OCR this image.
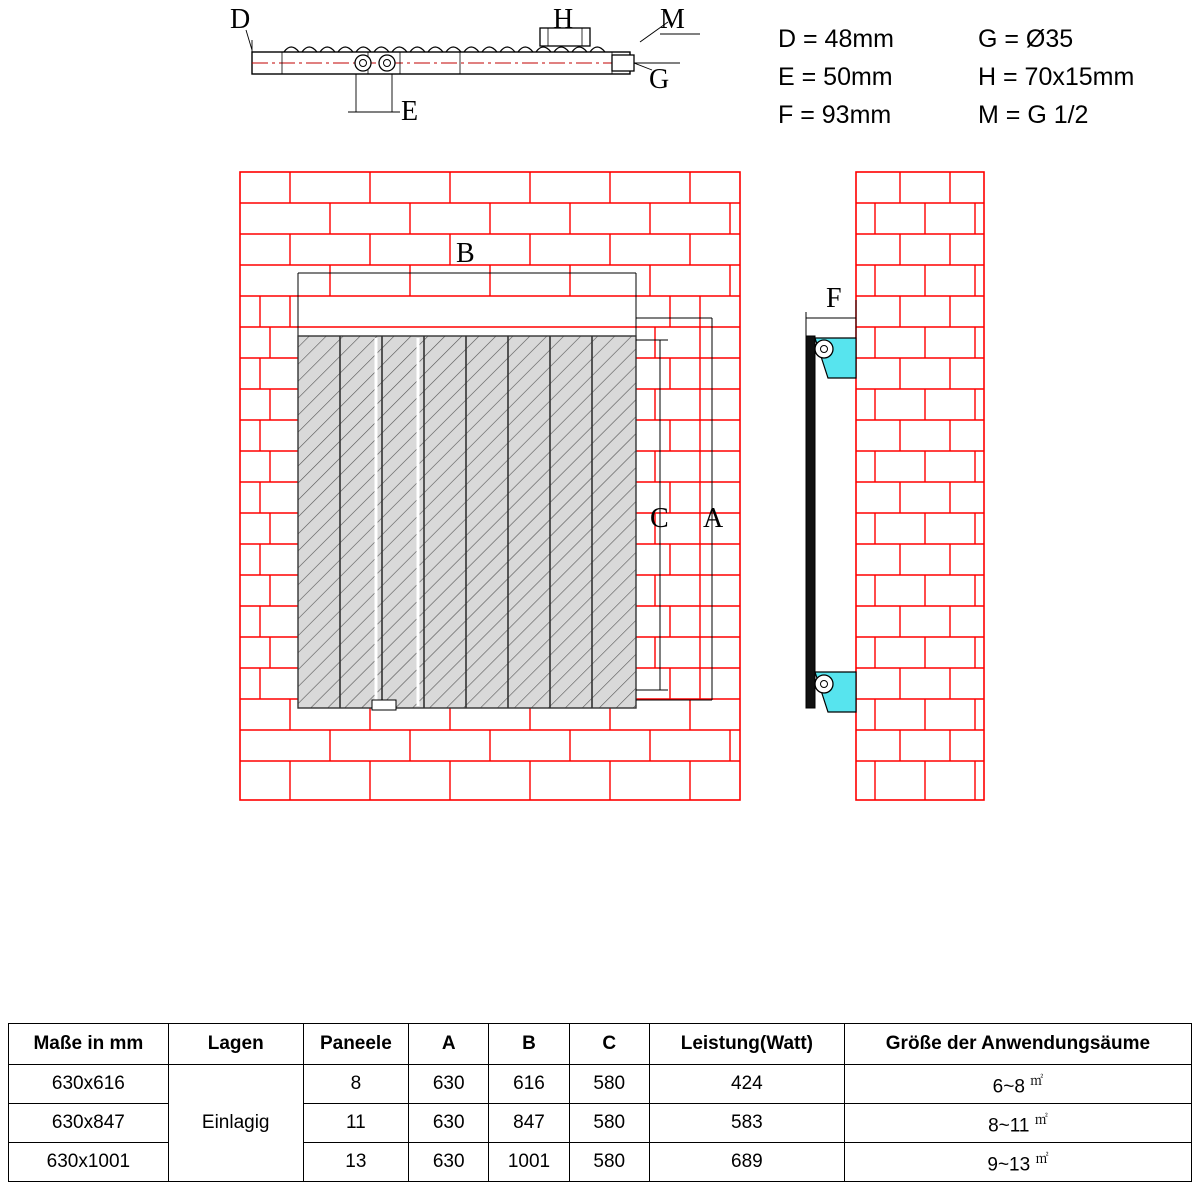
D
E
H	M
G
B
C A
F
D = 48mm	G = Ø35
E = 50mm	H = 70x15mm
F = 93mm	M = G 1/2
Maße in mm	Lagen	Paneele	A	B	C	Leistung(Watt)	Größe der Anwendungsäume
630x616	Einlagig	8	630	616	580	424	6~8 ㎡
630x847		11	630	847	580	583	8~11 ㎡
630x1001		13	630	1001	580	689	9~13 ㎡
